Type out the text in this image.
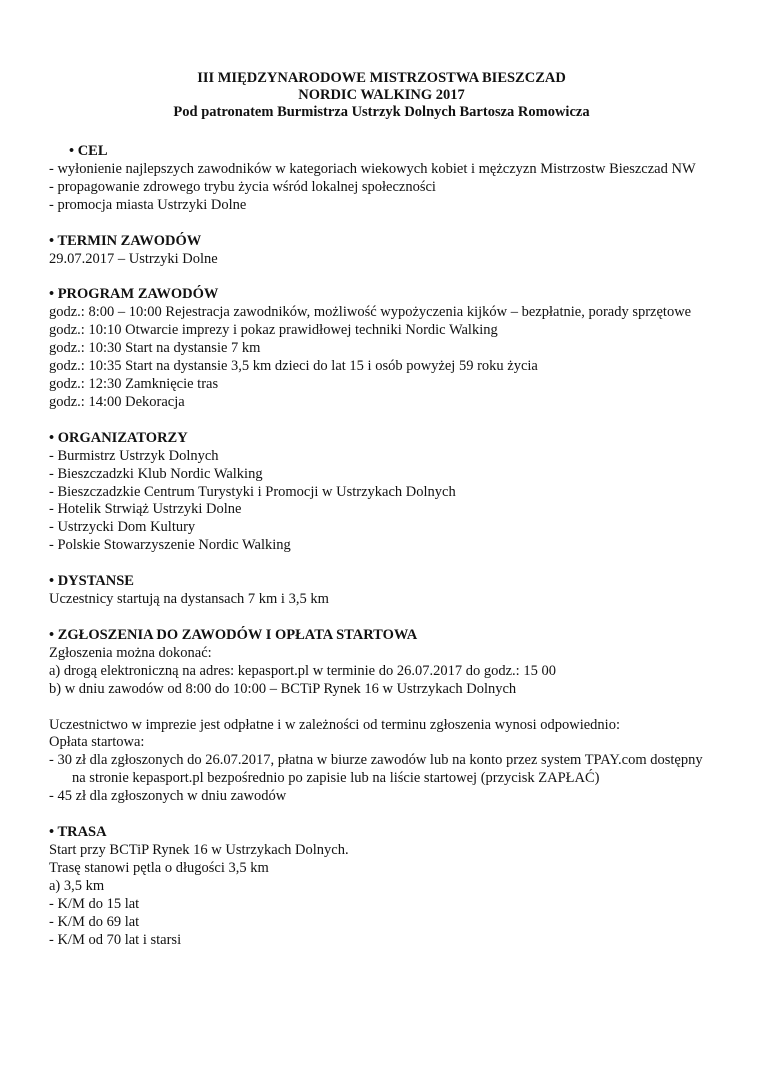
III MIĘDZYNARODOWE MISTRZOSTWA BIESZCZAD
NORDIC WALKING 2017
Pod patronatem Burmistrza Ustrzyk Dolnych Bartosza Romowicza
• CEL
- wyłonienie najlepszych zawodników w kategoriach wiekowych kobiet i mężczyzn Mistrzostw Bieszczad NW
- propagowanie zdrowego trybu życia wśród lokalnej społeczności
- promocja miasta Ustrzyki Dolne
• TERMIN ZAWODÓW
29.07.2017 – Ustrzyki Dolne
• PROGRAM ZAWODÓW
godz.: 8:00 – 10:00 Rejestracja zawodników, możliwość wypożyczenia kijków – bezpłatnie, porady sprzętowe
godz.: 10:10 Otwarcie imprezy i pokaz prawidłowej techniki Nordic Walking
godz.: 10:30 Start na dystansie 7 km
godz.: 10:35 Start na dystansie 3,5 km dzieci do lat 15 i osób powyżej 59 roku życia
godz.: 12:30 Zamknięcie tras
godz.: 14:00 Dekoracja
• ORGANIZATORZY
- Burmistrz Ustrzyk Dolnych
- Bieszczadzki Klub Nordic Walking
- Bieszczadzkie Centrum Turystyki i Promocji w Ustrzykach Dolnych
- Hotelik Strwiąż Ustrzyki Dolne
- Ustrzycki Dom Kultury
- Polskie Stowarzyszenie Nordic Walking
• DYSTANSE
Uczestnicy startują na dystansach 7 km i 3,5 km
• ZGŁOSZENIA DO ZAWODÓW I OPŁATA STARTOWA
Zgłoszenia można dokonać:
a) drogą elektroniczną na adres: kepasport.pl w terminie do 26.07.2017 do godz.: 15 00
b) w dniu zawodów od 8:00 do 10:00 – BCTiP Rynek 16 w Ustrzykach Dolnych
Uczestnictwo w imprezie jest odpłatne i w zależności od terminu zgłoszenia wynosi odpowiednio:
Opłata startowa:
- 30 zł dla zgłoszonych do 26.07.2017, płatna w biurze zawodów lub na konto przez system TPAY.com dostępny na stronie kepasport.pl bezpośrednio po zapisie lub na liście startowej (przycisk ZAPŁAĆ)
- 45 zł dla zgłoszonych w dniu zawodów
• TRASA
Start przy BCTiP Rynek 16 w Ustrzykach Dolnych.
Trasę stanowi pętla o długości 3,5 km
a) 3,5 km
- K/M do 15 lat
- K/M do 69 lat
- K/M od 70 lat i starsi
